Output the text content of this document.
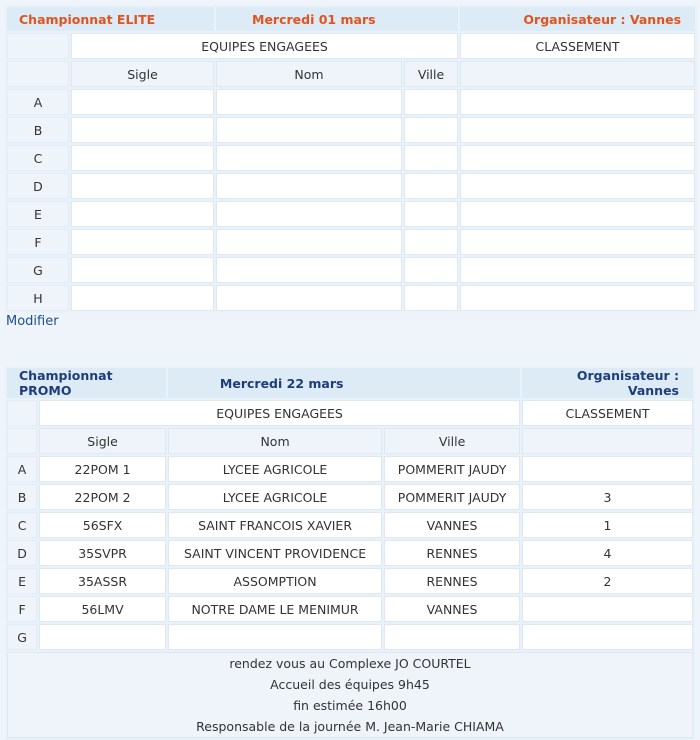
Championnat ELITE		Mercredi 01 mars		Organisateur : Vannes
	EQUIPES ENGAGEES			CLASSEMENT
	Sigle	Nom	Ville	
A				
B				
C				
D				
E				
F				
G				
H				
Modifier
Championnat PROMO		Mercredi 22 mars		Organisateur : Vannes
	EQUIPES ENGAGEES			CLASSEMENT
	Sigle	Nom	Ville	
A	22POM 1	LYCEE AGRICOLE	POMMERIT JAUDY	
B	22POM 2	LYCEE AGRICOLE	POMMERIT JAUDY	3
C	56SFX	SAINT FRANCOIS XAVIER	VANNES	1
D	35SVPR	SAINT VINCENT PROVIDENCE	RENNES	4
E	35ASSR	ASSOMPTION	RENNES	2
F	56LMV	NOTRE DAME LE MENIMUR	VANNES	
G				

rendez vous au Complexe JO COURTEL
Accueil des équipes 9h45
fin estimée 16h00
Responsable de la journée M. Jean-Marie CHIAMA				
